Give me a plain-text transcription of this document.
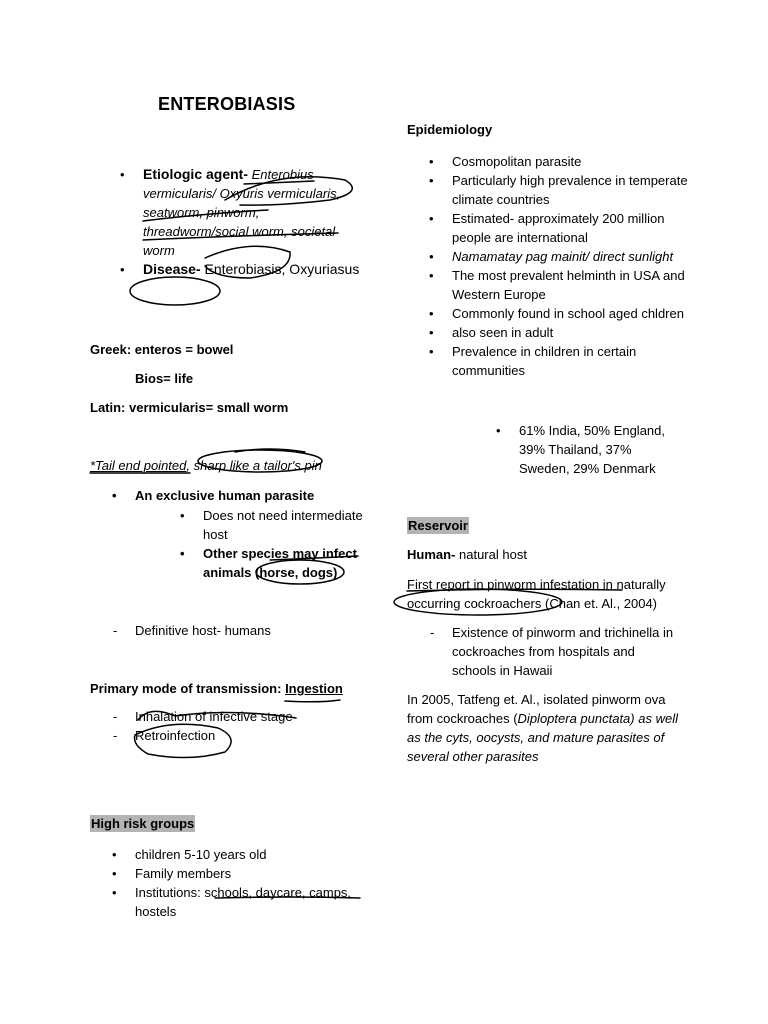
ENTEROBIASIS
• Etiologic agent- Enterobius vermicularis/ Oxyuris vermicularis, seatworm, pinworm, threadworm/social worm, societal worm
• Disease- Enterobiasis, Oxyuriasus
Greek: enteros = bowel
Bios= life
Latin: vermicularis= small worm
*Tail end pointed, sharp like a tailor's pin
• An exclusive human parasite
• Does not need intermediate host
• Other species may infect animals (horse, dogs)
- Definitive host- humans
Primary mode of transmission: Ingestion
- Inhalation of infective stage
- Retroinfection
High risk groups
• children 5-10 years old
• Family members
• Institutions: schools, daycare, camps, hostels
Epidemiology
• Cosmopolitan parasite
• Particularly high prevalence in temperate climate countries
• Estimated- approximately 200 million people are international
• Namamatay pag mainit/ direct sunlight
• The most prevalent helminth in USA and Western Europe
• Commonly found in school aged chldren
• also seen in adult
• Prevalence in children in certain communities
• 61% India, 50% England, 39% Thailand, 37% Sweden, 29% Denmark
Reservoir
Human- natural host
First report in pinworm infestation in naturally occurring cockroachers (Chan et. Al., 2004)
- Existence of pinworm and trichinella in cockroaches from hospitals and schools in Hawaii
In 2005, Tatfeng et. Al., isolated pinworm ova from cockroaches (Diploptera punctata) as well as the cyts, oocysts, and mature parasites of several other parasites
